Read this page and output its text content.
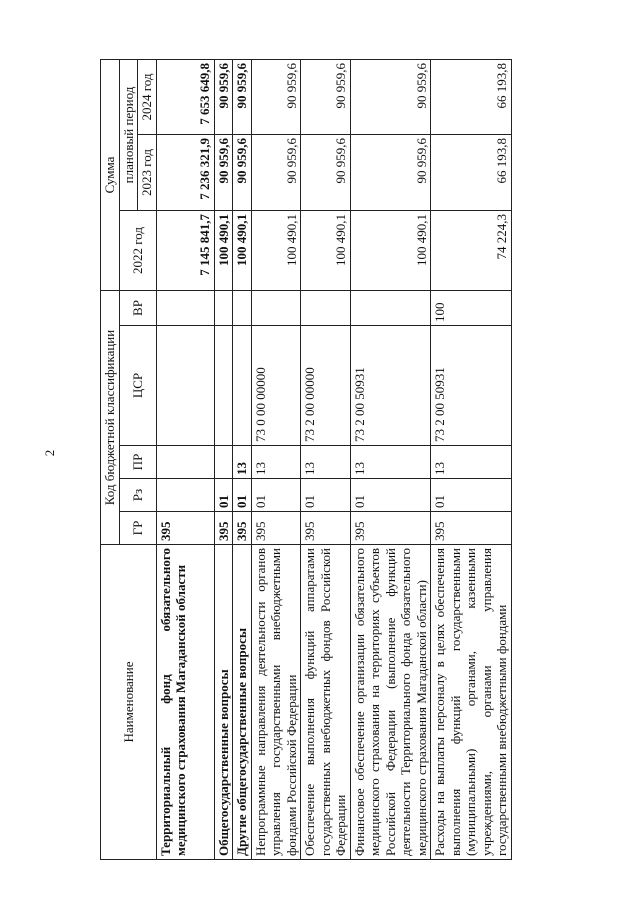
2
Наименование	Код бюджетной классификации					Сумма		
	ГР	Рз	ПР	ЦСР	ВР	2022 год	плановый период	
							2023 год	2024 год
Территориальный фонд обязательного медицинского страхования Магаданской области	395					7 145 841,7	7 236 321,9	7 653 649,8
Общегосударственные вопросы	395	01				100 490,1	90 959,6	90 959,6
Другие общегосударственные вопросы	395	01	13			100 490,1	90 959,6	90 959,6
Непрограммные направления деятельности органов управления государственными внебюджетными фондами Российской Федерации	395	01	13	73 0 00 00000		100 490,1	90 959,6	90 959,6
Обеспечение выполнения функций аппаратами государственных внебюджетных фондов Российской Федерации	395	01	13	73 2 00 00000		100 490,1	90 959,6	90 959,6
Финансовое обеспечение организации обязательного медицинского страхования на территориях субъектов Российской Федерации (выполнение функций деятельности Территориального фонда обязательного медицинского страхования Магаданской области)	395	01	13	73 2 00 50931		100 490,1	90 959,6	90 959,6
Расходы на выплаты персоналу в целях обеспечения выполнения функций государственными (муниципальными) органами, казенными учреждениями, органами управления государственными внебюджетными фондами	395	01	13	73 2 00 50931	100	74 224,3	66 193,8	66 193,8
